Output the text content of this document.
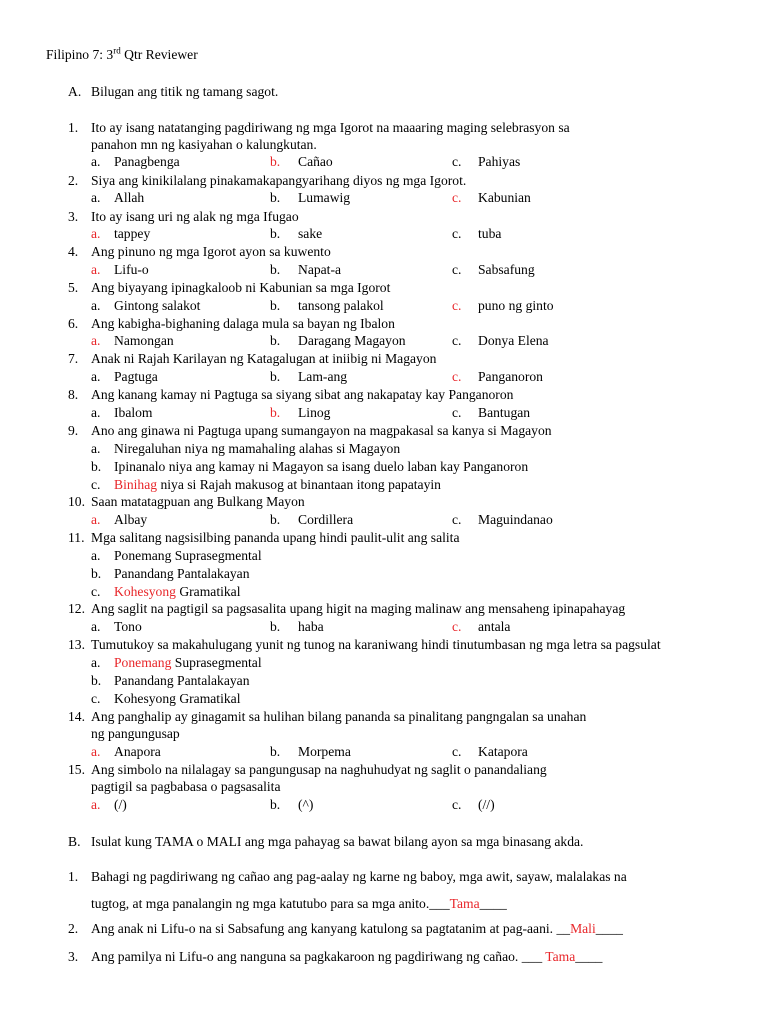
Filipino 7: 3rd Qtr Reviewer
A. Bilugan ang titik ng tamang sagot.
1. Ito ay isang natatanging pagdiriwang ng mga Igorot na maaaring maging selebrasyon sa
panahon mn ng kasiyahan o kalungkutan.
a. Panagbenga	b. Cañao	c. Pahiyas
2. Siya ang kinikilalang pinakamakapangyarihang diyos ng mga Igorot.
a. Allah	b. Lumawig	c. Kabunian
3. Ito ay isang uri ng alak ng mga Ifugao
a. tappey	b. sake	c. tuba
4. Ang pinuno ng mga Igorot ayon sa kuwento
a. Lifu-o	b. Napat-a	c. Sabsafung
5. Ang biyayang ipinagkaloob ni Kabunian sa mga Igorot
a. Gintong salakot	b. tansong palakol	c. puno ng ginto
6. Ang kabigha-bighaning dalaga mula sa bayan ng Ibalon
a. Namongan	b. Daragang Magayon	c. Donya Elena
7. Anak ni Rajah Karilayan ng Katagalugan at iniibig ni Magayon
a. Pagtuga	b. Lam-ang	c. Panganoron
8. Ang kanang kamay ni Pagtuga sa siyang sibat ang nakapatay kay Panganoron
a. Ibalom	b. Linog	c. Bantugan
9. Ano ang ginawa ni Pagtuga upang sumangayon na magpakasal sa kanya si Magayon
a. Niregaluhan niya ng mamahaling alahas si Magayon
b. Ipinanalo niya ang kamay ni Magayon sa isang duelo laban kay Panganoron
c. Binihag niya si Rajah makusog at binantaan itong papatayin
10. Saan matatagpuan ang Bulkang Mayon
a. Albay	b. Cordillera	c. Maguindanao
11. Mga salitang nagsisilbing pananda upang hindi paulit-ulit ang salita
a. Ponemang Suprasegmental
b. Panandang Pantalakayan
c. Kohesyong Gramatikal
12. Ang saglit na pagtigil sa pagsasalita upang higit na maging malinaw ang mensaheng ipinapahayag
a. Tono	b. haba	c. antala
13. Tumutukoy sa makahulugang yunit ng tunog na karaniwang hindi tinutumbasan ng mga letra sa pagsulat
a. Ponemang Suprasegmental
b. Panandang Pantalakayan
c. Kohesyong Gramatikal
14. Ang panghalip ay ginagamit sa hulihan bilang pananda sa pinalitang pangngalan sa unahan
ng pangungusap
a. Anapora	b. Morpema	c. Katapora
15. Ang simbolo na nilalagay sa pangungusap na naghuhudyat ng saglit o panandaliang
pagtigil sa pagbabasa o pagsasalita
a. (/)	b. (^)	c. (//)
B. Isulat kung TAMA o MALI ang mga pahayag sa bawat bilang ayon sa mga binasang akda.
1. Bahagi ng pagdiriwang ng cañao ang pag-aalay ng karne ng baboy, mga awit, sayaw, malalakas na
tugtog, at mga panalangin ng mga katutubo para sa mga anito.___Tama____
2. Ang anak ni Lifu-o na si Sabsafung ang kanyang katulong sa pagtatanim at pag-aani. __Mali____
3. Ang pamilya ni Lifu-o ang nanguna sa pagkakaroon ng pagdiriwang ng cañao. ___ Tama____
